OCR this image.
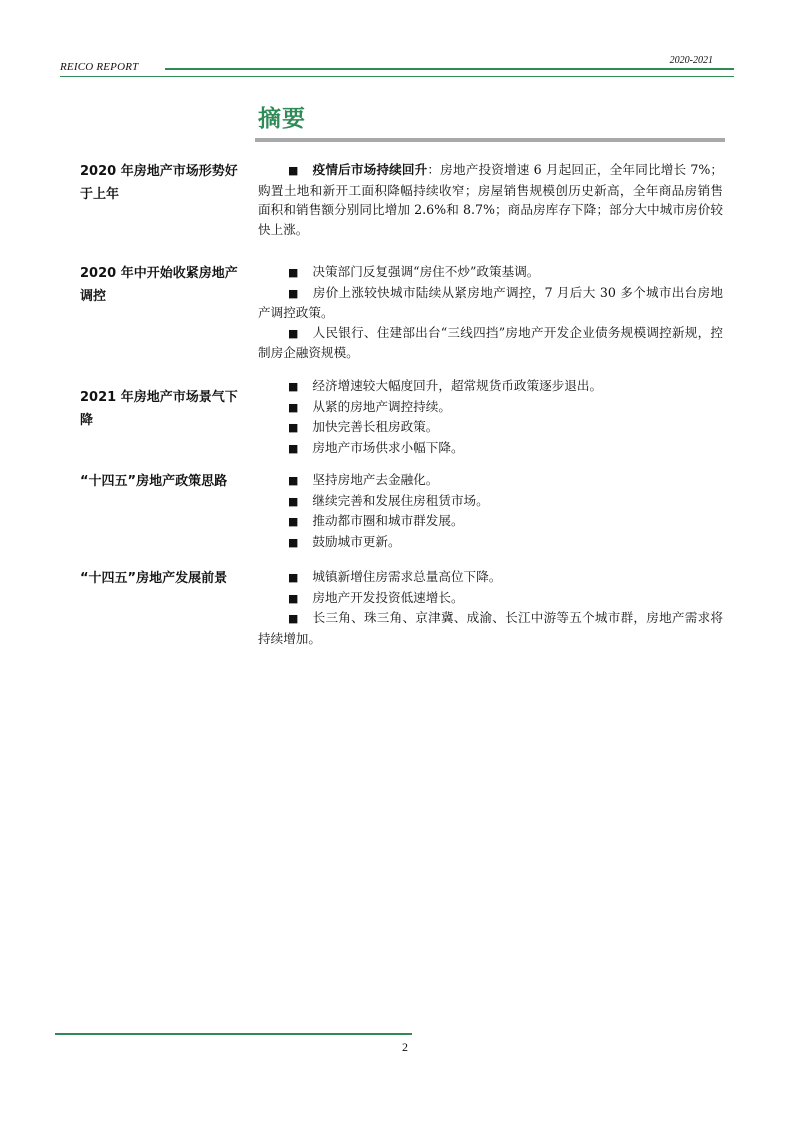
REICO REPORT
2020-2021
摘要
2020 年房地产市场形势好于上年

■ 疫情后市场持续回升：房地产投资增速 6 月起回正，全年同比增长 7%；购置土地和新开工面积降幅持续收窄；房屋销售规模创历史新高，全年商品房销售面积和销售额分别同比增加 2.6%和 8.7%；商品房库存下降；部分大中城市房价较快上涨。

2020 年中开始收紧房地产调控

■ 决策部门反复强调“房住不炒”政策基调。

■ 房价上涨较快城市陆续从紧房地产调控，7 月后大 30 多个城市出台房地产调控政策。

■ 人民银行、住建部出台“三线四挡”房地产开发企业债务规模调控新规，控制房企融资规模。

2021 年房地产市场景气下降

■ 经济增速较大幅度回升，超常规货币政策逐步退出。

■ 从紧的房地产调控持续。

■ 加快完善长租房政策。

■ 房地产市场供求小幅下降。

“十四五”房地产政策思路	■ 坚持房地产去金融化。

■ 继续完善和发展住房租赁市场。

■ 推动都市圈和城市群发展。

■ 鼓励城市更新。

“十四五”房地产发展前景	■ 城镇新增住房需求总量高位下降。

■ 房地产开发投资低速增长。

■ 长三角、珠三角、京津冀、成渝、长江中游等五个城市群，房地产需求将持续增加。

2
